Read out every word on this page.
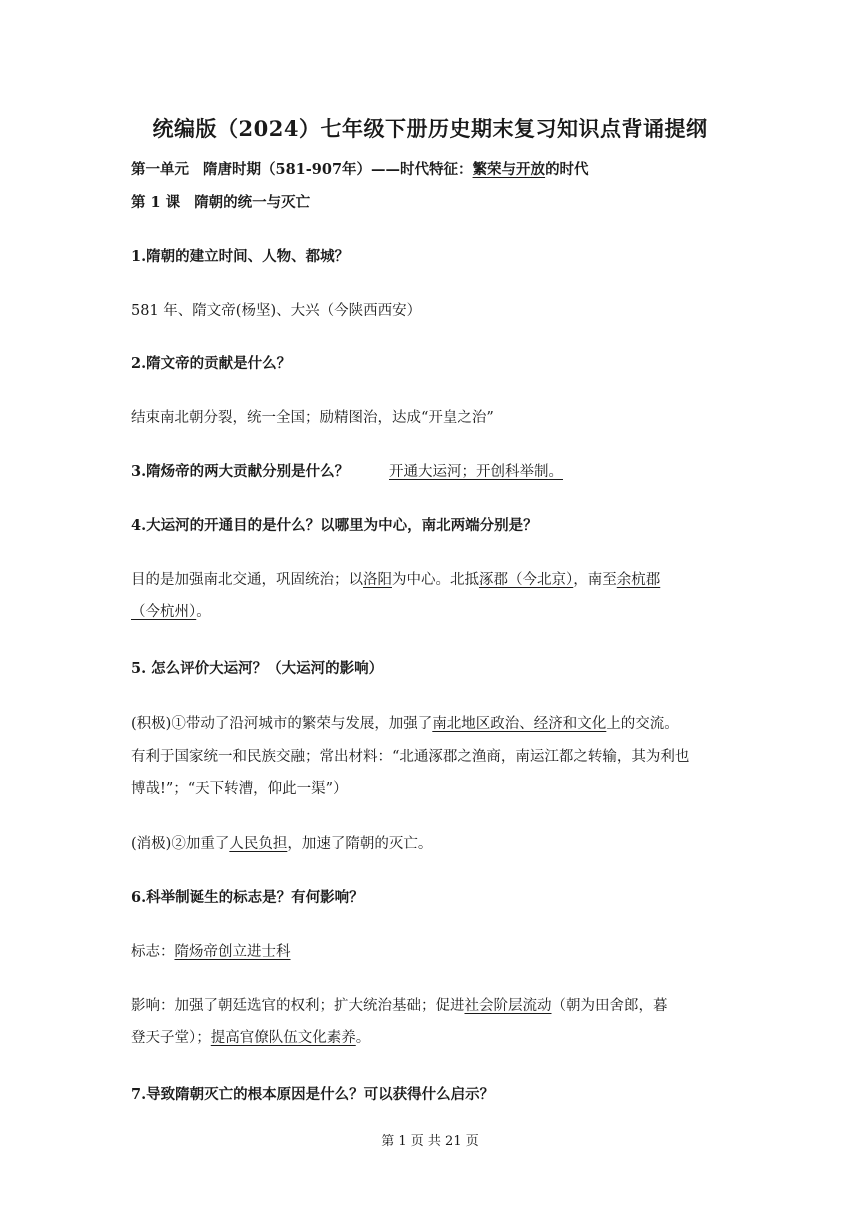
统编版（2024）七年级下册历史期末复习知识点背诵提纲
第一单元 隋唐时期（581-907年）——时代特征：繁荣与开放的时代
第 1 课 隋朝的统一与灭亡
1.隋朝的建立时间、人物、都城？
581 年、隋文帝(杨坚)、大兴（今陕西西安）
2.隋文帝的贡献是什么？
结束南北朝分裂，统一全国；励精图治，达成“开皇之治”
3.隋炀帝的两大贡献分别是什么？	开通大运河；开创科举制。
4.大运河的开通目的是什么？以哪里为中心，南北两端分别是？
目的是加强南北交通，巩固统治；以洛阳为中心。北抵涿郡（今北京），南至余杭郡
（今杭州）。
5. 怎么评价大运河？（大运河的影响）
(积极)①带动了沿河城市的繁荣与发展，加强了南北地区政治、经济和文化上的交流。
有利于国家统一和民族交融；常出材料：“北通涿郡之渔商，南运江都之转输，其为利也
博哉!”；“天下转漕，仰此一渠”）
(消极)②加重了人民负担，加速了隋朝的灭亡。
6.科举制诞生的标志是？有何影响？
标志：隋炀帝创立进士科
影响：加强了朝廷选官的权利；扩大统治基础；促进社会阶层流动（朝为田舍郎，暮
登天子堂）；提高官僚队伍文化素养。
7.导致隋朝灭亡的根本原因是什么？可以获得什么启示？
第 1 页 共 21 页
